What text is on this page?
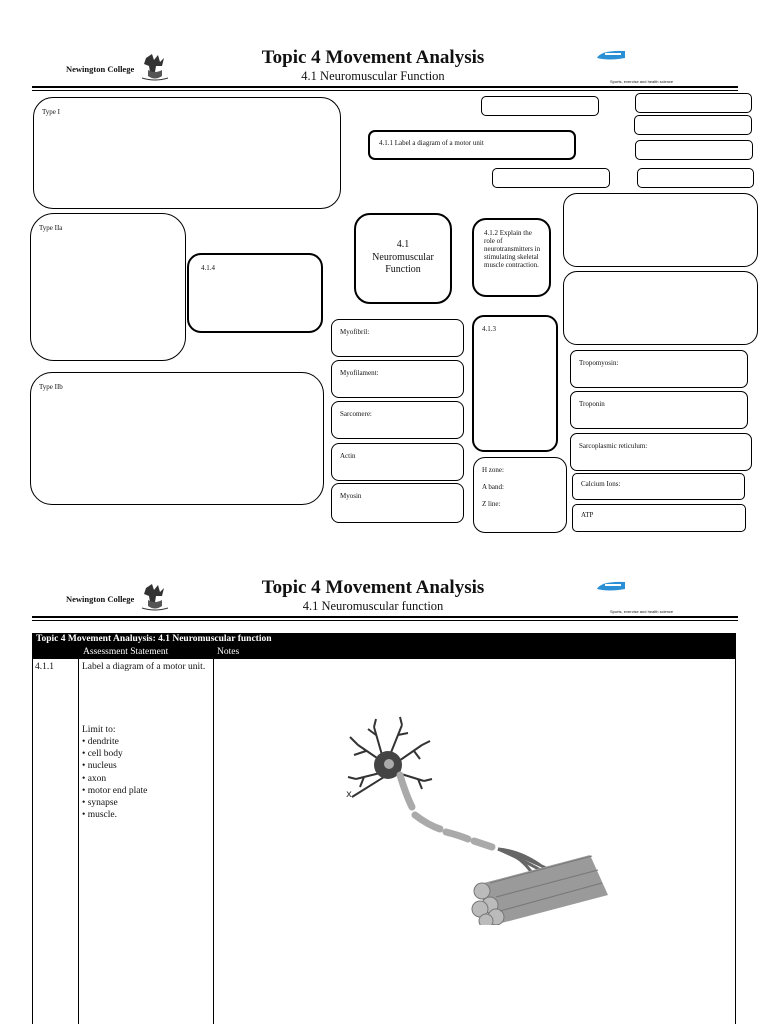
Newington College
Topic 4 Movement Analysis
4.1 Neuromuscular Function	Sports, exercise and health science
Type I
Type IIa
4.1.4
Type IIb
4.1.1 Label a diagram of a motor unit
4.1
Neuromuscular
Function
4.1.2 Explain the role of neurotransmitters in stimulating skeletal muscle contraction.
Myofibril:
Myofilament:
Sarcomere:
Actin
Myosin
4.1.3
H zone:
A band:
Z line:
Tropomyosin:
Troponin
Sarcoplasmic reticulum:
Calcium Ions:
ATP
Newington College
Topic 4 Movement Analysis
4.1 Neuromuscular function	Sports, exercise and health science
Topic 4 Movement Analuysis: 4.1 Neuromuscular function
Assessment Statement	Notes
4.1.1	Label a diagram of a motor unit.
Limit to:
• dendrite
• cell body
• nucleus
• axon
• motor end plate
• synapse
• muscle.
x
